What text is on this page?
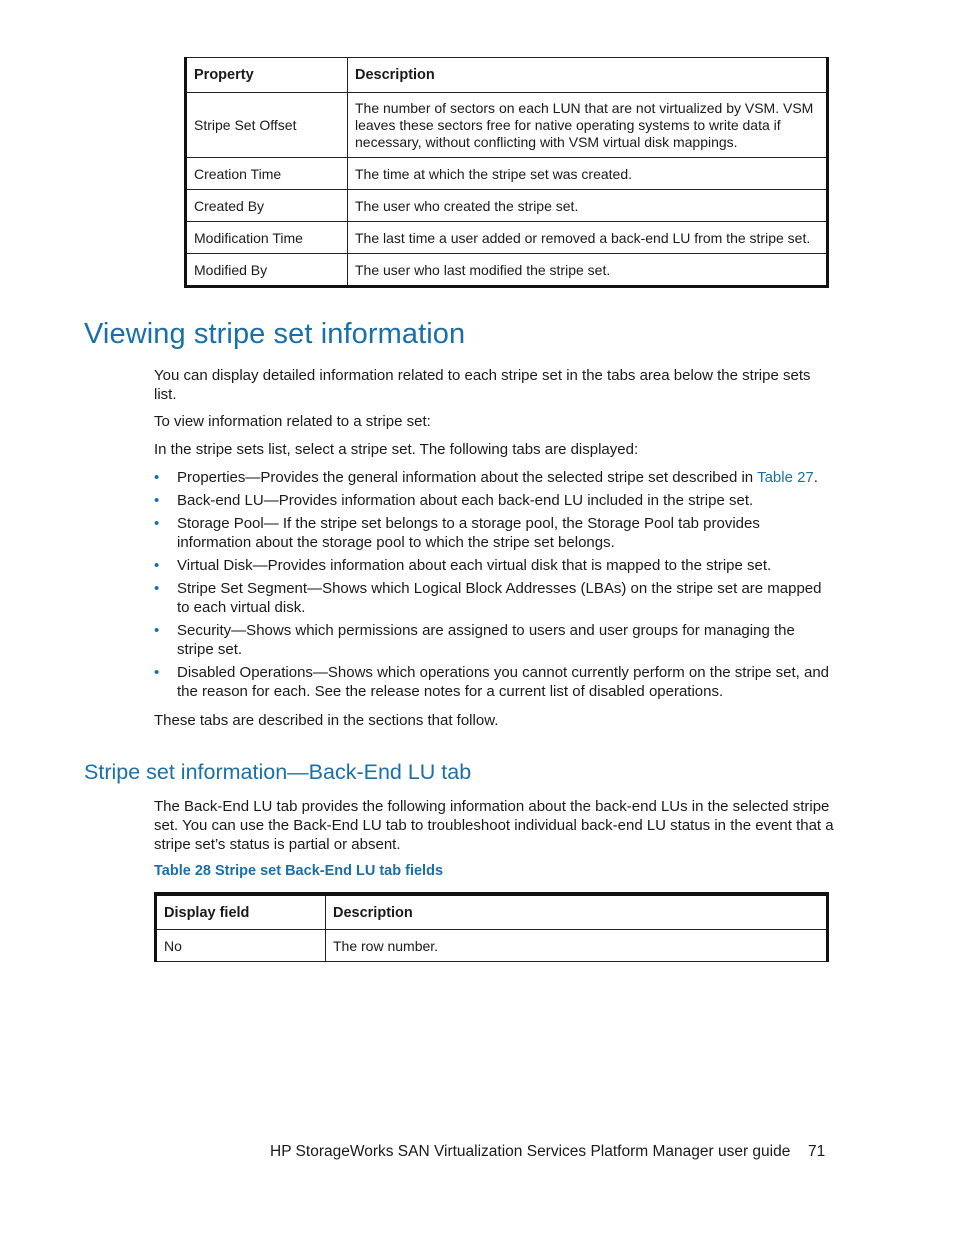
Property	Description
Stripe Set Offset	The number of sectors on each LUN that are not virtualized by VSM. VSM leaves these sectors free for native operating systems to write data if necessary, without conflicting with VSM virtual disk mappings.
Creation Time	The time at which the stripe set was created.
Created By	The user who created the stripe set.
Modification Time	The last time a user added or removed a back-end LU from the stripe set.
Modified By	The user who last modified the stripe set.
Viewing stripe set information

You can display detailed information related to each stripe set in the tabs area below the stripe sets list.

To view information related to a stripe set:

In the stripe sets list, select a stripe set. The following tabs are displayed:

• Properties—Provides the general information about the selected stripe set described in Table 27.
• Back-end LU—Provides information about each back-end LU included in the stripe set.
• Storage Pool— If the stripe set belongs to a storage pool, the Storage Pool tab provides information about the storage pool to which the stripe set belongs.
• Virtual Disk—Provides information about each virtual disk that is mapped to the stripe set.
• Stripe Set Segment—Shows which Logical Block Addresses (LBAs) on the stripe set are mapped to each virtual disk.
• Security—Shows which permissions are assigned to users and user groups for managing the stripe set.
• Disabled Operations—Shows which operations you cannot currently perform on the stripe set, and the reason for each. See the release notes for a current list of disabled operations.

These tabs are described in the sections that follow.

Stripe set information—Back-End LU tab

The Back-End LU tab provides the following information about the back-end LUs in the selected stripe set. You can use the Back-End LU tab to troubleshoot individual back-end LU status in the event that a stripe set’s status is partial or absent.

Table 28 Stripe set Back-End LU tab fields

Display field	Description
No	The row number.
HP StorageWorks SAN Virtualization Services Platform Manager user guide 71
